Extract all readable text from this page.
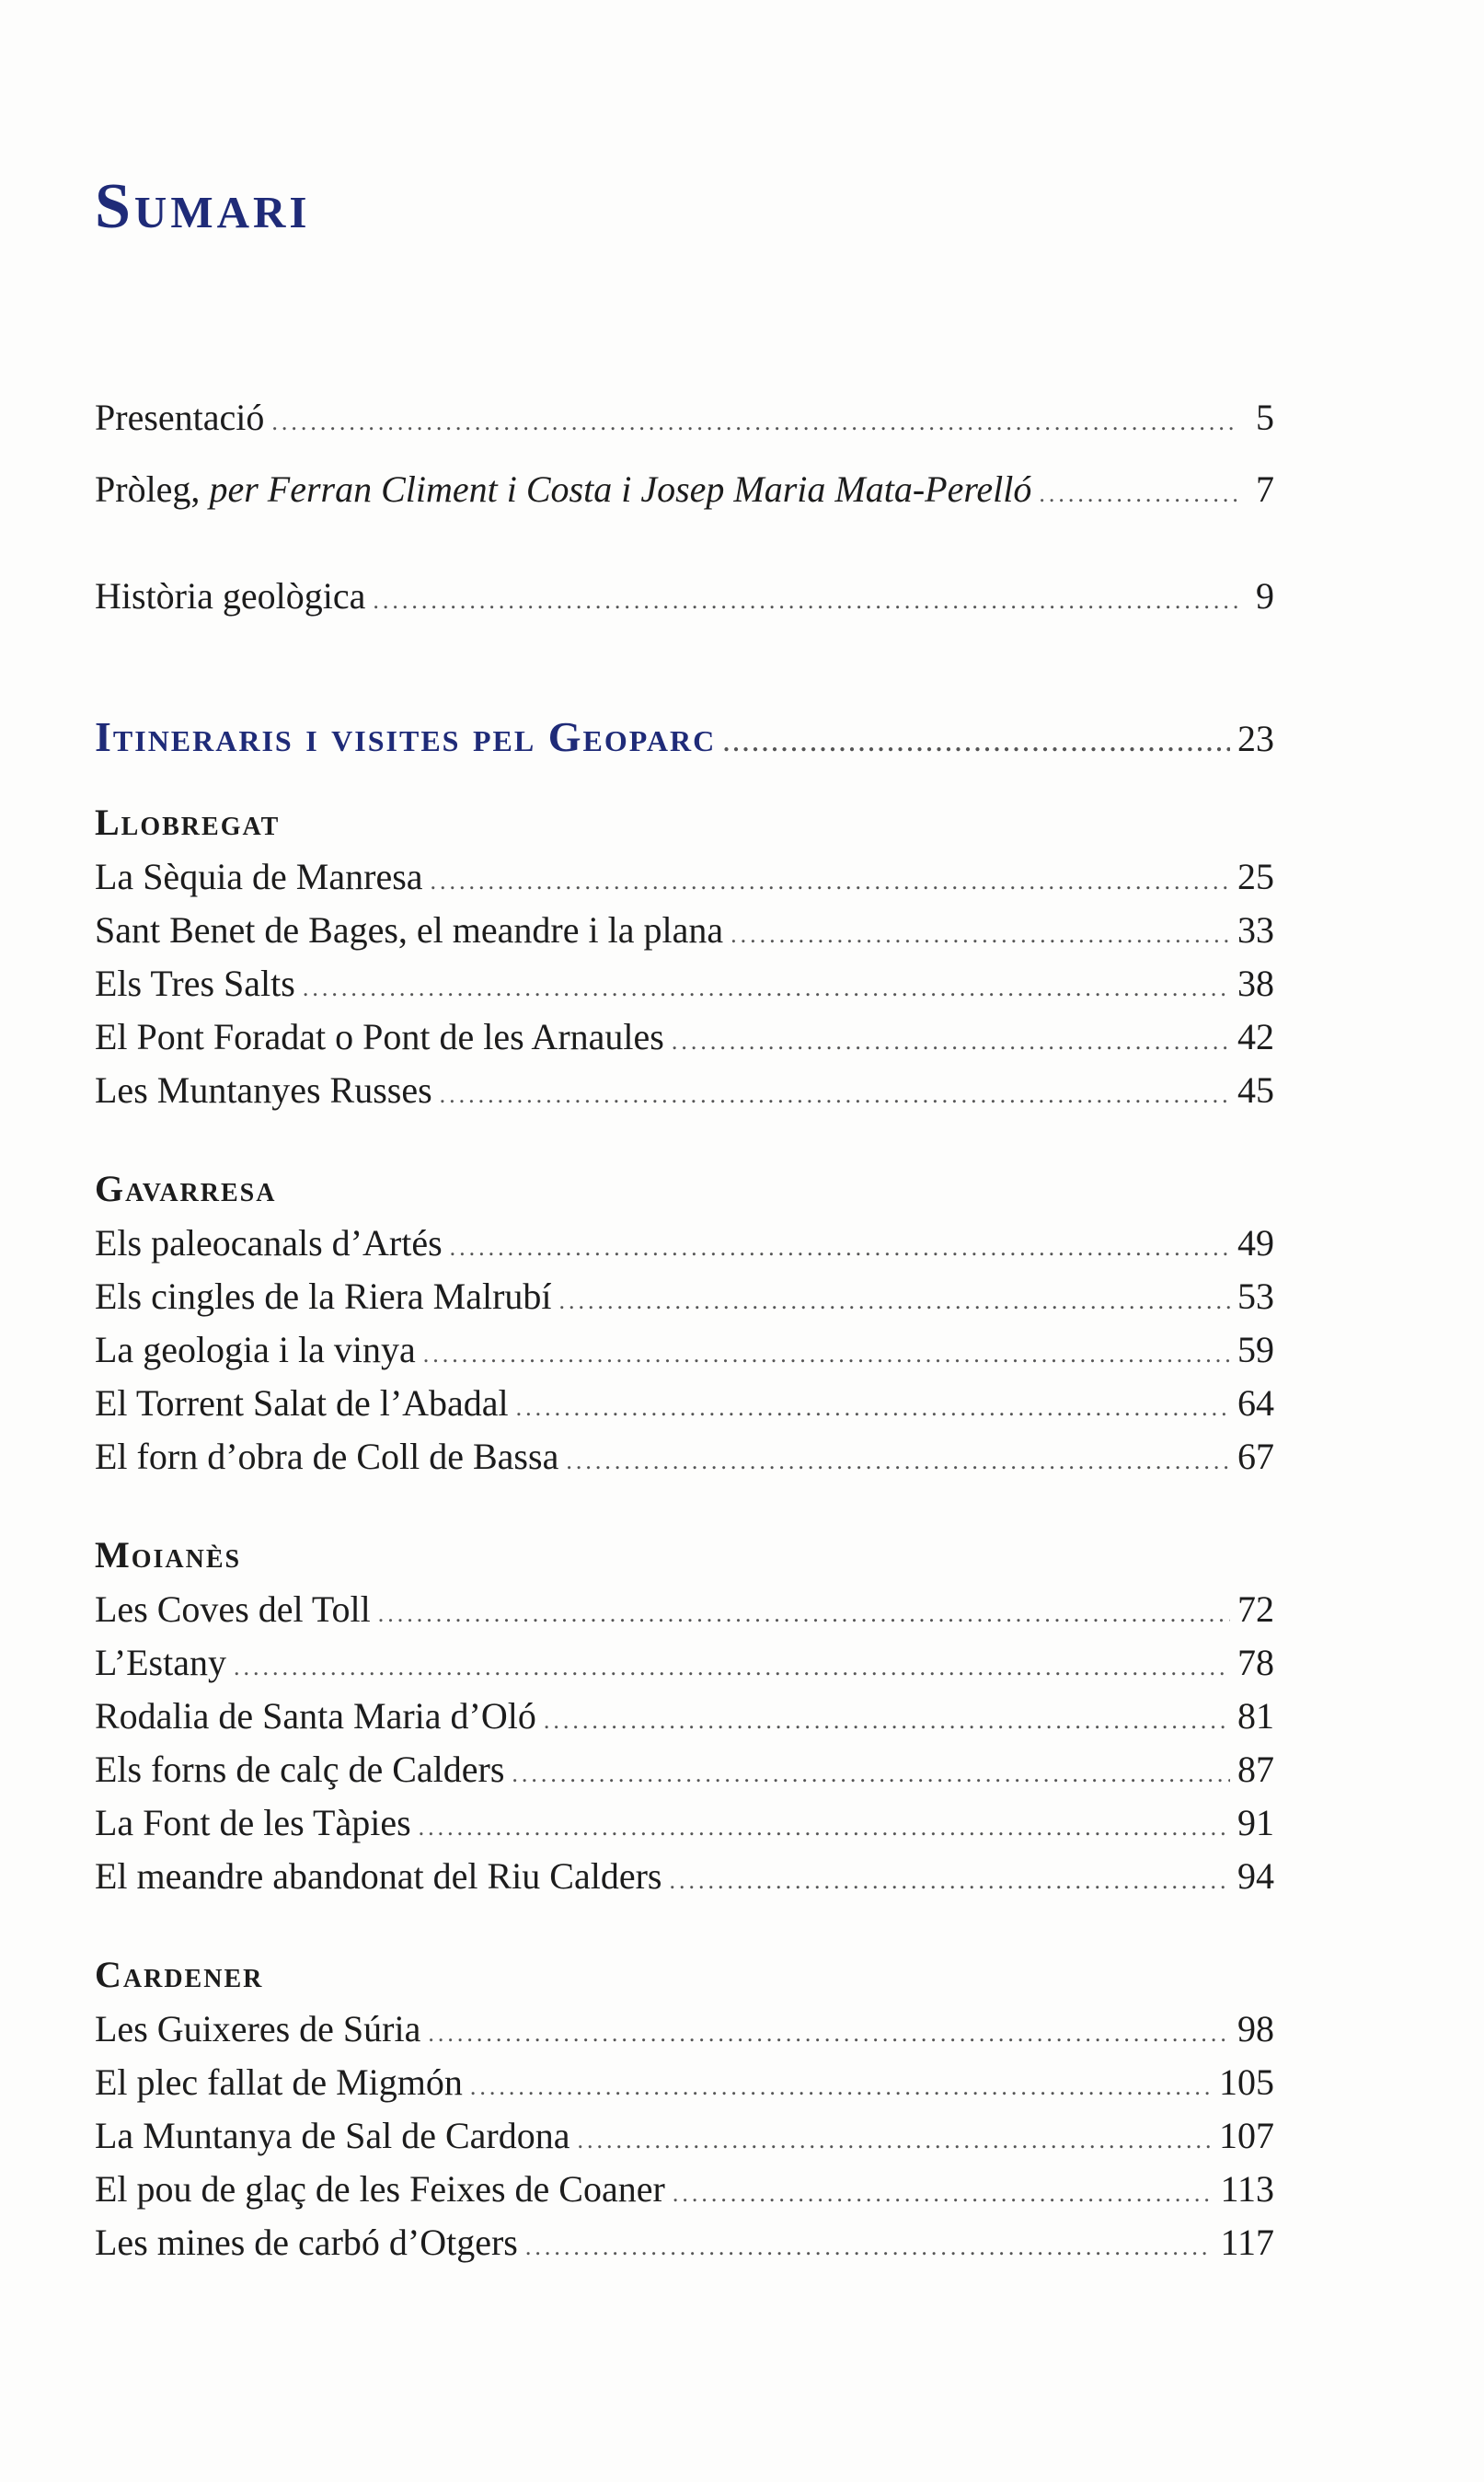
Sumari
Presentació .....	5
Pròleg, per Ferran Climent i Costa i Josep Maria Mata-Perelló .....	7
Història geològica .....	9
Itineraris i visites pel Geoparc .....	23
Llobregat
La Sèquia de Manresa .....	25
Sant Benet de Bages, el meandre i la plana .....	33
Els Tres Salts .....	38
El Pont Foradat o Pont de les Arnaules .....	42
Les Muntanyes Russes .....	45
Gavarresa
Els paleocanals d’Artés .....	49
Els cingles de la Riera Malrubí .....	53
La geologia i la vinya .....	59
El Torrent Salat de l’Abadal .....	64
El forn d’obra de Coll de Bassa .....	67
Moianès
Les Coves del Toll .....	72
L’Estany .....	78
Rodalia de Santa Maria d’Oló .....	81
Els forns de calç de Calders .....	87
La Font de les Tàpies .....	91
El meandre abandonat del Riu Calders .....	94
Cardener
Les Guixeres de Súria .....	98
El plec fallat de Migmón .....	105
La Muntanya de Sal de Cardona .....	107
El pou de glaç de les Feixes de Coaner .....	113
Les mines de carbó d’Otgers .....	117
